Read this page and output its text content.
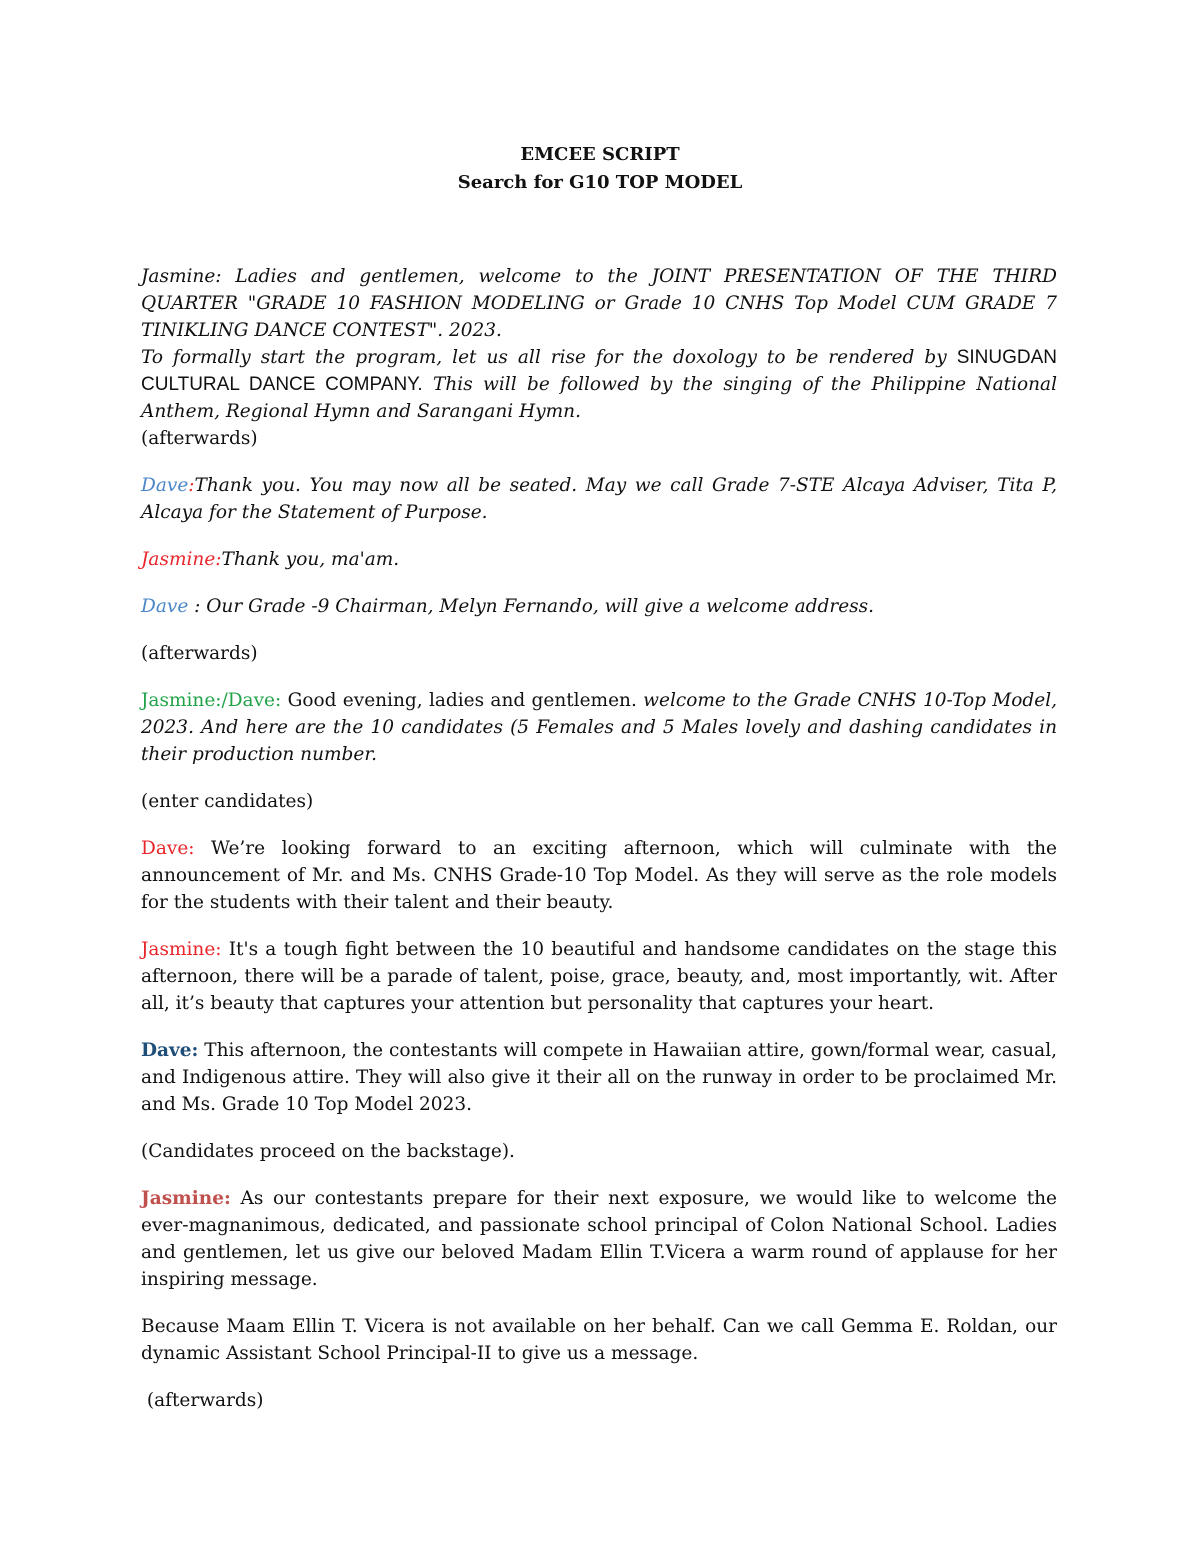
EMCEE SCRIPT
Search for G10 TOP MODEL

Jasmine: Ladies and gentlemen, welcome to the JOINT PRESENTATION OF THE THIRD QUARTER "GRADE 10 FASHION MODELING or Grade 10 CNHS Top Model CUM GRADE 7 TINIKLING DANCE CONTEST". 2023.
To formally start the program, let us all rise for the doxology to be rendered by SINUGDAN CULTURAL DANCE COMPANY. This will be followed by the singing of the Philippine National Anthem, Regional Hymn and Sarangani Hymn.

(afterwards)

Dave:Thank you. You may now all be seated. May we call Grade 7-STE Alcaya Adviser, Tita P, Alcaya for the Statement of Purpose.

Jasmine:Thank you, ma'am.

Dave : Our Grade -9 Chairman, Melyn Fernando, will give a welcome address.

(afterwards)

Jasmine:/Dave: Good evening, ladies and gentlemen. welcome to the Grade CNHS 10-Top Model, 2023. And here are the 10 candidates (5 Females and 5 Males lovely and dashing candidates in their production number.

(enter candidates)

Dave: We’re looking forward to an exciting afternoon, which will culminate with the announcement of Mr. and Ms. CNHS Grade-10 Top Model. As they will serve as the role models for the students with their talent and their beauty.

Jasmine: It's a tough fight between the 10 beautiful and handsome candidates on the stage this afternoon, there will be a parade of talent, poise, grace, beauty, and, most importantly, wit. After all, it’s beauty that captures your attention but personality that captures your heart.

Dave: This afternoon, the contestants will compete in Hawaiian attire, gown/formal wear, casual, and Indigenous attire. They will also give it their all on the runway in order to be proclaimed Mr. and Ms. Grade 10 Top Model 2023.

(Candidates proceed on the backstage).

Jasmine: As our contestants prepare for their next exposure, we would like to welcome the ever-magnanimous, dedicated, and passionate school principal of Colon National School. Ladies and gentlemen, let us give our beloved Madam Ellin T.Vicera a warm round of applause for her inspiring message.

Because Maam Ellin T. Vicera is not available on her behalf. Can we call Gemma E. Roldan, our dynamic Assistant School Principal-II to give us a message.

(afterwards)
